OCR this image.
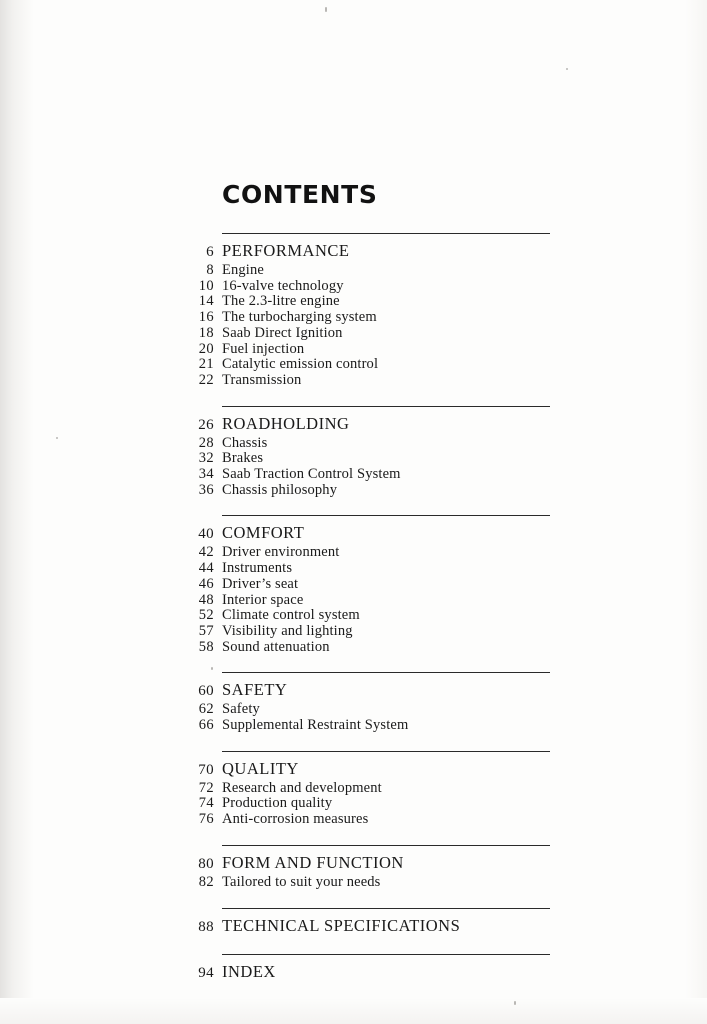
CONTENTS
6 PERFORMANCE
8 Engine
10 16-valve technology
14 The 2.3-litre engine
16 The turbocharging system
18 Saab Direct Ignition
20 Fuel injection
21 Catalytic emission control
22 Transmission
26 ROADHOLDING
28 Chassis
32 Brakes
34 Saab Traction Control System
36 Chassis philosophy
40 COMFORT
42 Driver environment
44 Instruments
46 Driver’s seat
48 Interior space
52 Climate control system
57 Visibility and lighting
58 Sound attenuation
60 SAFETY
62 Safety
66 Supplemental Restraint System
70 QUALITY
72 Research and development
74 Production quality
76 Anti-corrosion measures
80 FORM AND FUNCTION
82 Tailored to suit your needs
88 TECHNICAL SPECIFICATIONS
94 INDEX
